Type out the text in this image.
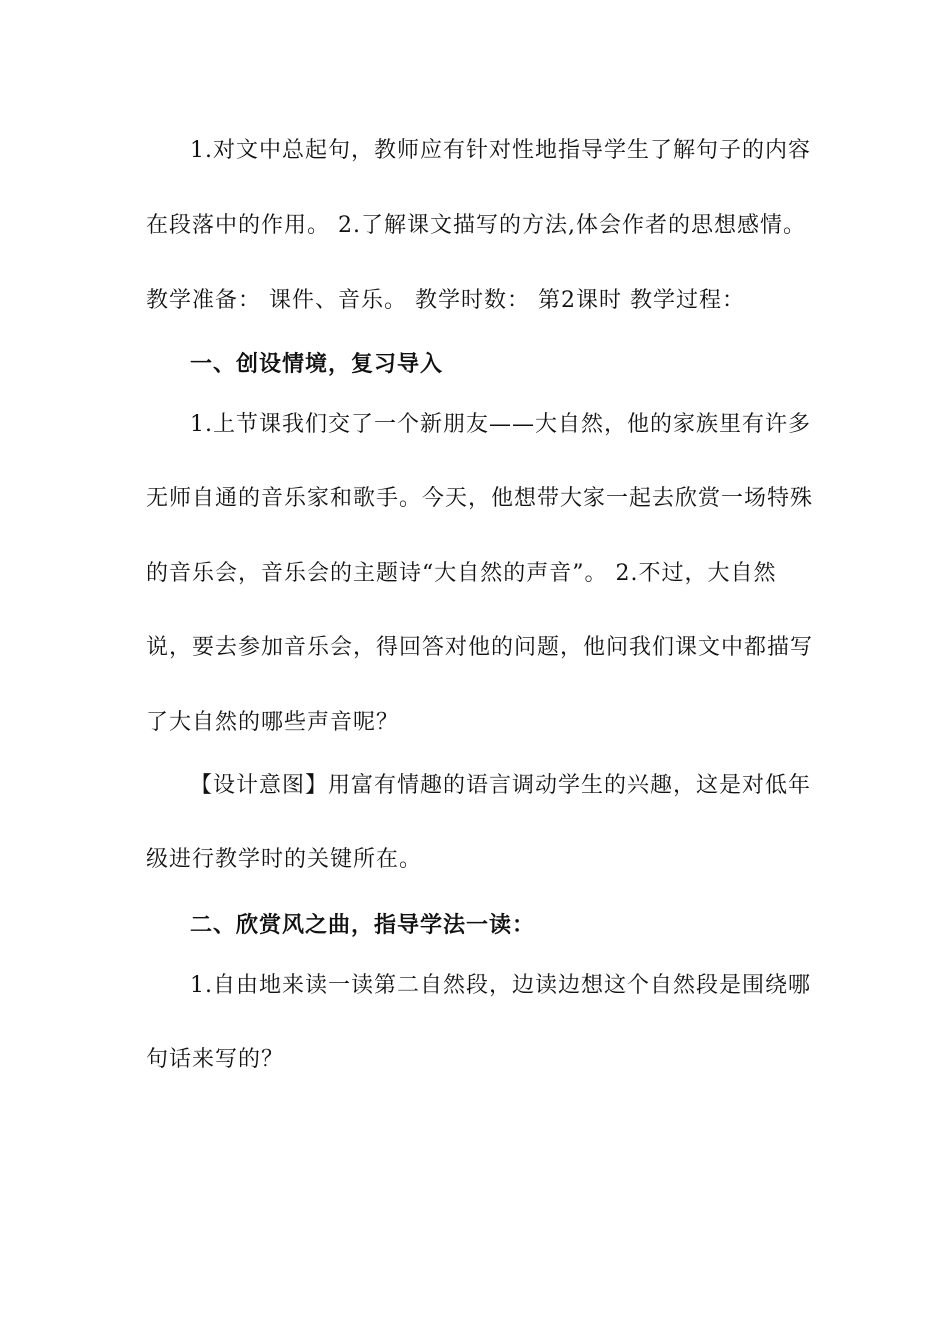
1.对文中总起句，教师应有针对性地指导学生了解句子的内容
在段落中的作用。 2.了解课文描写的方法,体会作者的思想感情。
教学准备： 课件、音乐。 教学时数： 第2课时 教学过程：
一、创设情境，复习导入
1.上节课我们交了一个新朋友——大自然，他的家族里有许多
无师自通的音乐家和歌手。今天，他想带大家一起去欣赏一场特殊
的音乐会，音乐会的主题诗“大自然的声音”。 2.不过，大自然
说，要去参加音乐会，得回答对他的问题，他问我们课文中都描写
了大自然的哪些声音呢？
【设计意图】用富有情趣的语言调动学生的兴趣，这是对低年
级进行教学时的关键所在。
二、欣赏风之曲，指导学法一读：
1.自由地来读一读第二自然段，边读边想这个自然段是围绕哪
句话来写的？
